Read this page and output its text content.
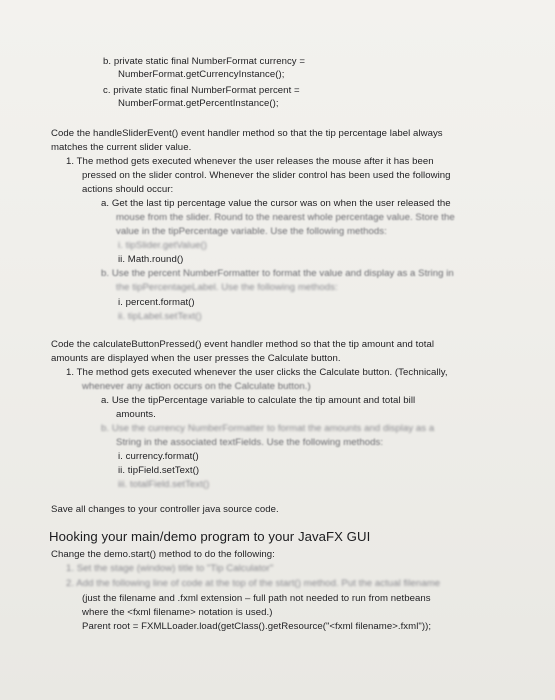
b. private static final NumberFormat currency =
NumberFormat.getCurrencyInstance();
c. private static final NumberFormat percent =
NumberFormat.getPercentInstance();
Code the handleSliderEvent() event handler method so that the tip percentage label always
matches the current slider value.
1. The method gets executed whenever the user releases the mouse after it has been
pressed on the slider control. Whenever the slider control has been used the following
actions should occur:
a. Get the last tip percentage value the cursor was on when the user released the
mouse from the slider. Round to the nearest whole percentage value. Store the
value in the tipPercentage variable. Use the following methods:
i. tipSlider.getValue()
ii. Math.round()
b. Use the percent NumberFormatter to format the value and display as a String in
the tipPercentageLabel. Use the following methods:
i. percent.format()
ii. tipLabel.setText()
Code the calculateButtonPressed() event handler method so that the tip amount and total
amounts are displayed when the user presses the Calculate button.
1. The method gets executed whenever the user clicks the Calculate button. (Technically,
whenever any action occurs on the Calculate button.)
a. Use the tipPercentage variable to calculate the tip amount and total bill
amounts.
b. Use the currency NumberFormatter to format the amounts and display as a
String in the associated textFields. Use the following methods:
i. currency.format()
ii. tipField.setText()
iii. totalField.setText()
Save all changes to your controller java source code.
Hooking your main/demo program to your JavaFX GUI
Change the demo.start() method to do the following:
1. Set the stage (window) title to "Tip Calculator"
2. Add the following line of code at the top of the start() method. Put the actual filename
(just the filename and .fxml extension – full path not needed to run from netbeans
where the <fxml filename> notation is used.)
Parent root = FXMLLoader.load(getClass().getResource("<fxml filename>.fxml"));
